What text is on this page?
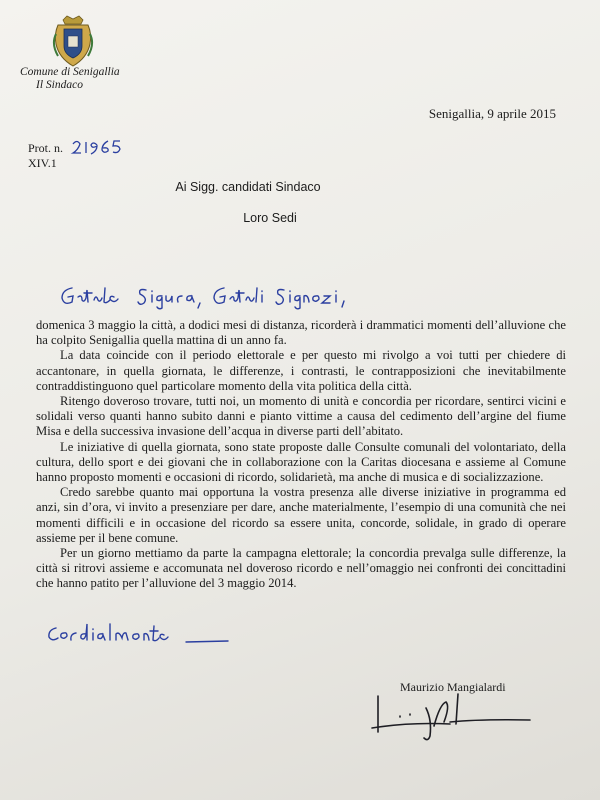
Comune di Senigallia
Il Sindaco
Senigallia, 9 aprile 2015
Prot. n.
XIV.1
Ai Sigg. candidati Sindaco
Loro Sedi

domenica 3 maggio la città, a dodici mesi di distanza, ricorderà i drammatici momenti dell’alluvione che ha colpito Senigallia quella mattina di un anno fa.

La data coincide con il periodo elettorale e per questo mi rivolgo a voi tutti per chiedere di accantonare, in quella giornata, le differenze, i contrasti, le contrapposizioni che inevitabilmente contraddistinguono quel particolare momento della vita politica della città.

Ritengo doveroso trovare, tutti noi, un momento di unità e concordia per ricordare, sentirci vicini e solidali verso quanti hanno subito danni e pianto vittime a causa del cedimento dell’argine del fiume Misa e della successiva invasione dell’acqua in diverse parti dell’abitato.

Le iniziative di quella giornata, sono state proposte dalle Consulte comunali del volontariato, della cultura, dello sport e dei giovani che in collaborazione con la Caritas diocesana e assieme al Comune hanno proposto momenti e occasioni di ricordo, solidarietà, ma anche di musica e di socializzazione.

Credo sarebbe quanto mai opportuna la vostra presenza alle diverse iniziative in programma ed anzi, sin d’ora, vi invito a presenziare per dare, anche materialmente, l’esempio di una comunità che nei momenti difficili e in occasione del ricordo sa essere unita, concorde, solidale, in grado di operare assieme per il bene comune.

Per un giorno mettiamo da parte la campagna elettorale; la concordia prevalga sulle differenze, la città si ritrovi assieme e accomunata nel doveroso ricordo e nell’omaggio nei confronti dei concittadini che hanno patito per l’alluvione del 3 maggio 2014.

Maurizio Mangialardi
